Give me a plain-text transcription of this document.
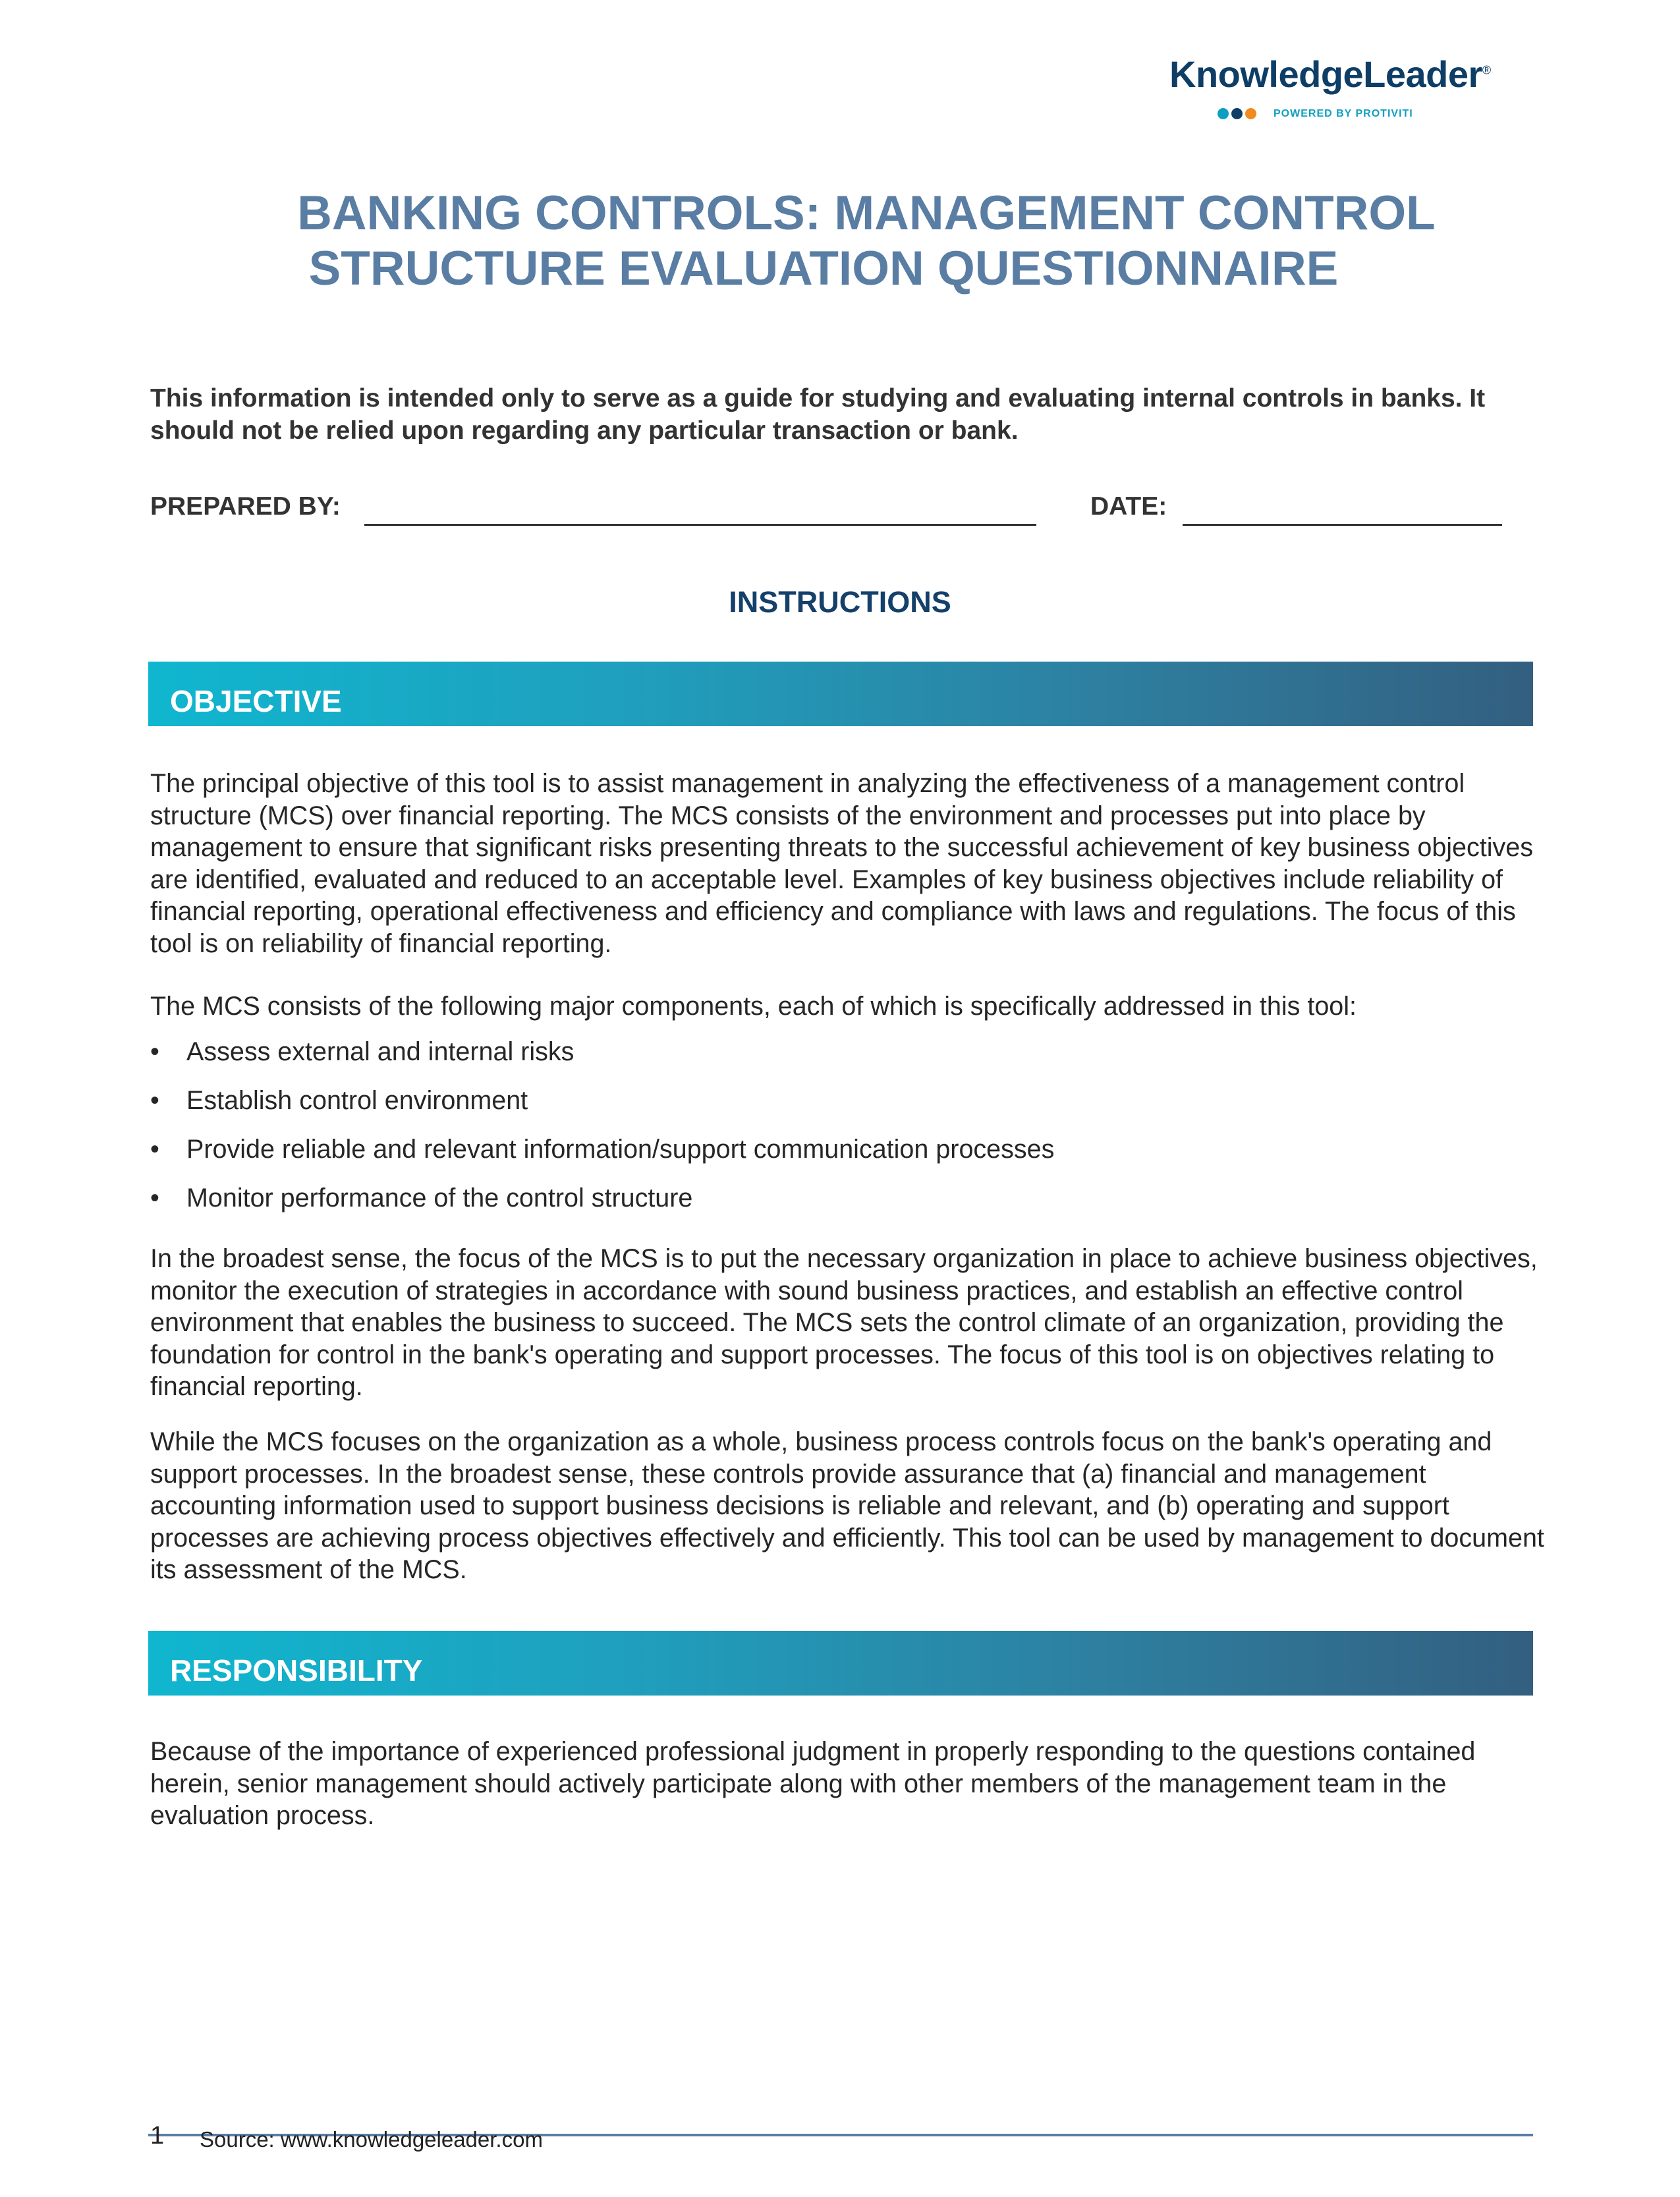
KnowledgeLeader®
POWERED BY PROTIVITI
BANKING CONTROLS: MANAGEMENT CONTROL
STRUCTURE EVALUATION QUESTIONNAIRE
This information is intended only to serve as a guide for studying and evaluating internal controls in banks. It should not be relied upon regarding any particular transaction or bank.
PREPARED BY:	DATE:
INSTRUCTIONS
OBJECTIVE
The principal objective of this tool is to assist management in analyzing the effectiveness of a management control structure (MCS) over financial reporting. The MCS consists of the environment and processes put into place by management to ensure that significant risks presenting threats to the successful achievement of key business objectives are identified, evaluated and reduced to an acceptable level. Examples of key business objectives include reliability of financial reporting, operational effectiveness and efficiency and compliance with laws and regulations. The focus of this tool is on reliability of financial reporting.
The MCS consists of the following major components, each of which is specifically addressed in this tool:
• Assess external and internal risks
• Establish control environment
• Provide reliable and relevant information/support communication processes
• Monitor performance of the control structure
In the broadest sense, the focus of the MCS is to put the necessary organization in place to achieve business objectives, monitor the execution of strategies in accordance with sound business practices, and establish an effective control environment that enables the business to succeed. The MCS sets the control climate of an organization, providing the foundation for control in the bank's operating and support processes. The focus of this tool is on objectives relating to financial reporting.
While the MCS focuses on the organization as a whole, business process controls focus on the bank's operating and support processes. In the broadest sense, these controls provide assurance that (a) financial and management accounting information used to support business decisions is reliable and relevant, and (b) operating and support processes are achieving process objectives effectively and efficiently. This tool can be used by management to document its assessment of the MCS.
RESPONSIBILITY
Because of the importance of experienced professional judgment in properly responding to the questions contained herein, senior management should actively participate along with other members of the management team in the evaluation process.
1 Source: www.knowledgeleader.com
